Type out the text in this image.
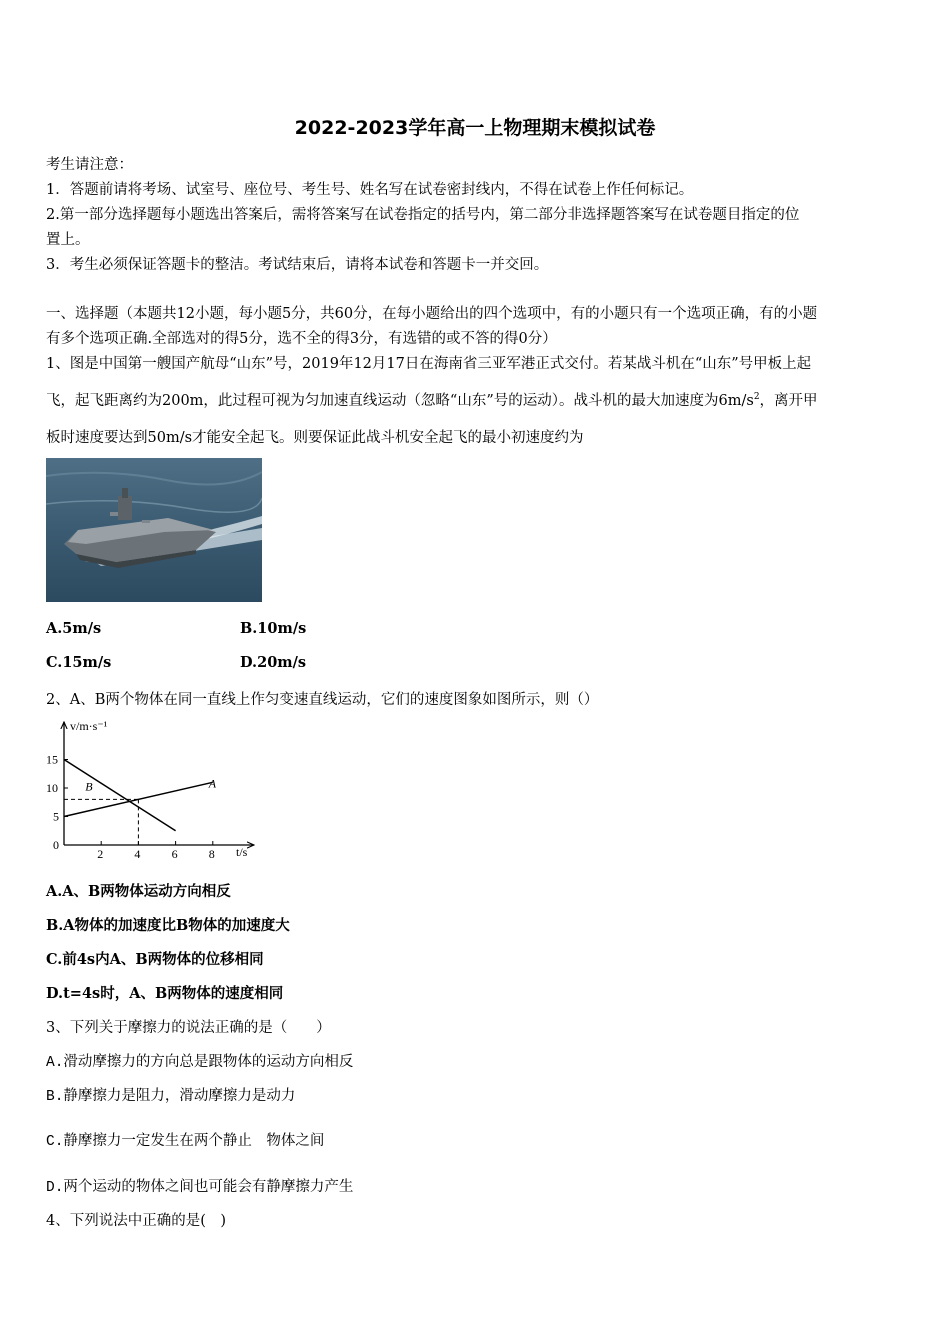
2022-2023学年高一上物理期末模拟试卷
考生请注意：
1．答题前请将考场、试室号、座位号、考生号、姓名写在试卷密封线内，不得在试卷上作任何标记。
2.第一部分选择题每小题选出答案后，需将答案写在试卷指定的括号内，第二部分非选择题答案写在试卷题目指定的位
置上。
3．考生必须保证答题卡的整洁。考试结束后，请将本试卷和答题卡一并交回。
一、选择题（本题共12小题，每小题5分，共60分，在每小题给出的四个选项中，有的小题只有一个选项正确，有的小题
有多个选项正确.全部选对的得5分，选不全的得3分，有选错的或不答的得0分）
1、图是中国第一艘国产航母“山东”号，2019年12月17日在海南省三亚军港正式交付。若某战斗机在“山东”号甲板上起
飞，起飞距离约为200m，此过程可视为匀加速直线运动（忽略“山东”号的运动）。战斗机的最大加速度为$6m/s^2$，离开甲
板时速度要达到50m/s才能安全起飞。则要保证此战斗机安全起飞的最小初速度约为
A.5m/s	B.10m/s
C.15m/s	D.20m/s
2、A、B两个物体在同一直线上作匀变速直线运动，它们的速度图象如图所示，则（）
2	4	6	8
5
10
15
A
B
v/m·s⁻¹
t/s
0
A.A、B两物体运动方向相反
B.A物体的加速度比B物体的加速度大
C.前4s内A、B两物体的位移相同
D.t=4s时，A、B两物体的速度相同
3、下列关于摩擦力的说法正确的是（　　）
A.滑动摩擦力的方向总是跟物体的运动方向相反
B.静摩擦力是阻力，滑动摩擦力是动力
C.静摩擦力一定发生在两个静止　物体之间
D.两个运动的物体之间也可能会有静摩擦力产生
4、下列说法中正确的是(　)
